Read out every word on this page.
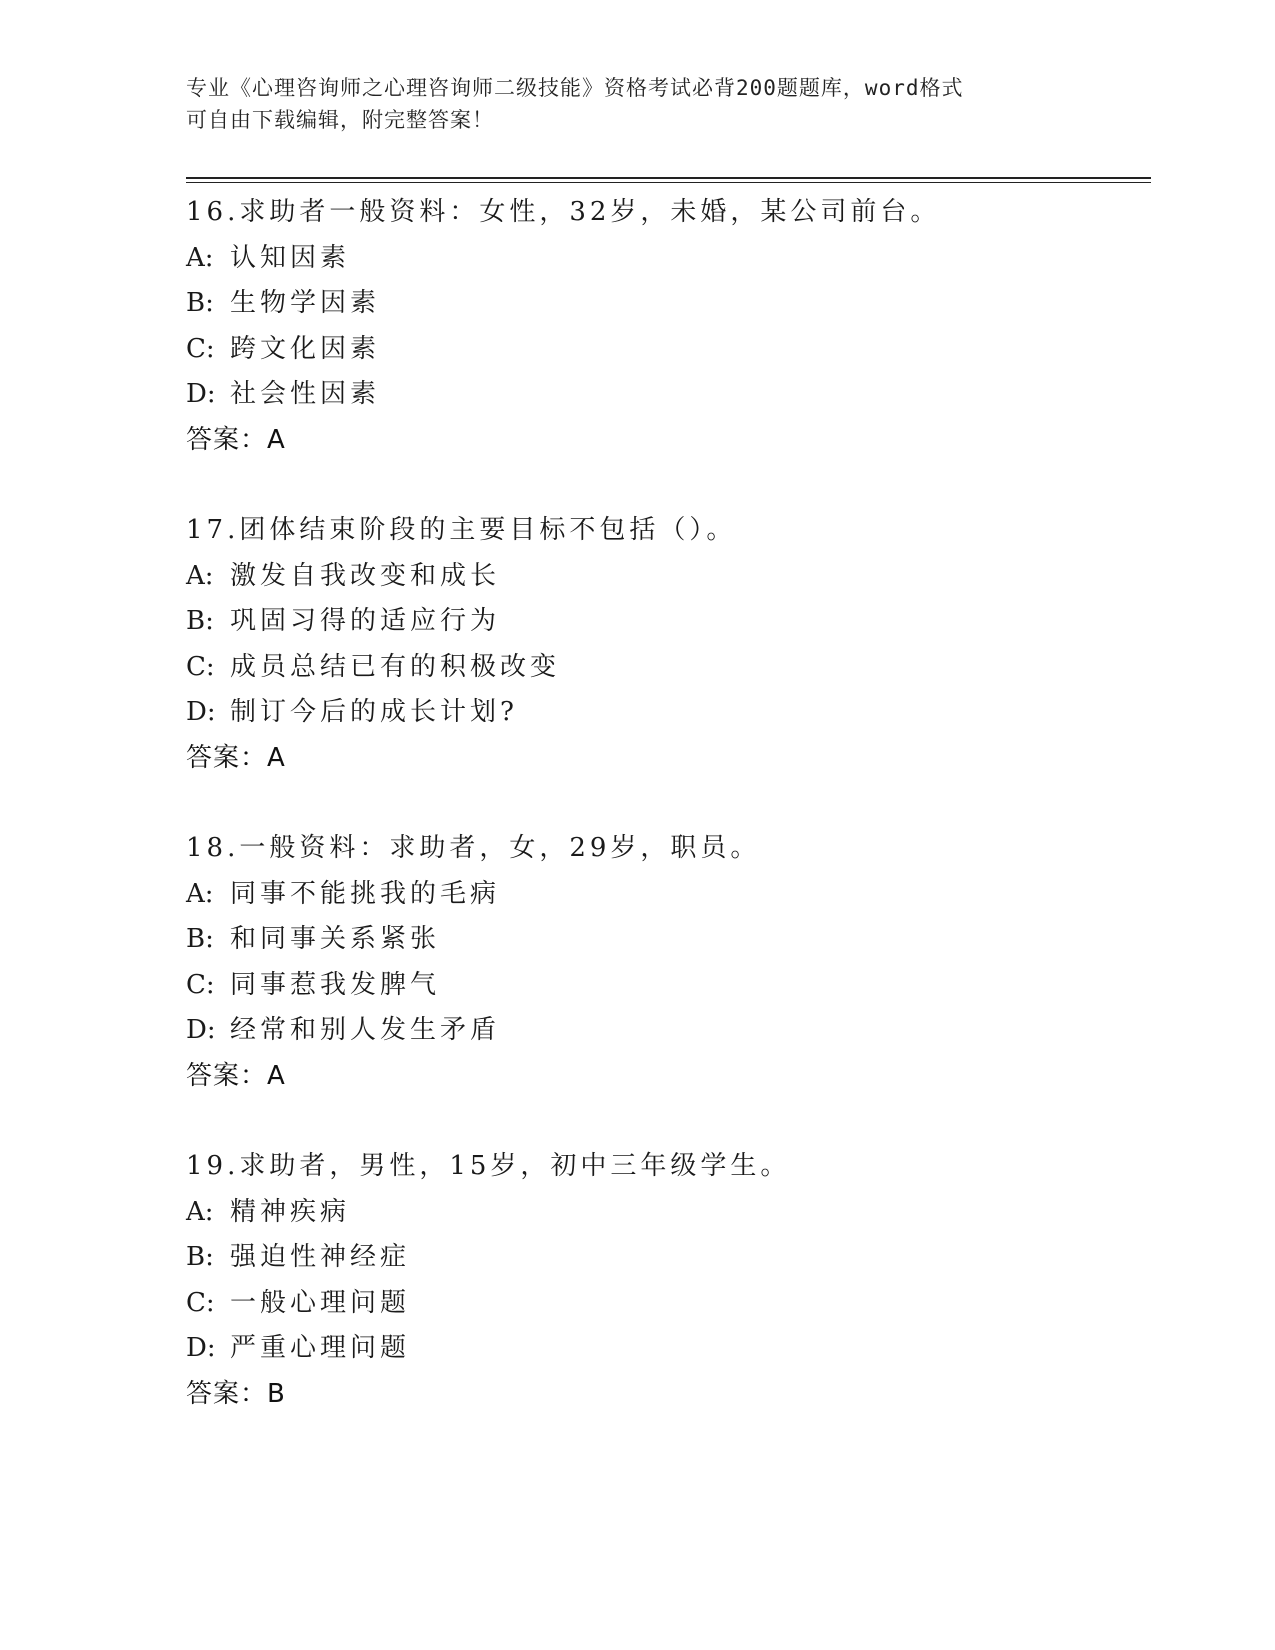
专业《心理咨询师之心理咨询师二级技能》资格考试必背200题题库，word格式
可自由下载编辑，附完整答案！
16.求助者一般资料：女性，32岁，未婚，某公司前台。
A: 认知因素
B: 生物学因素
C: 跨文化因素
D: 社会性因素
答案：A
17.团体结束阶段的主要目标不包括（）。
A: 激发自我改变和成长
B: 巩固习得的适应行为
C: 成员总结已有的积极改变
D: 制订今后的成长计划?
答案：A
18.一般资料：求助者，女，29岁，职员。
A: 同事不能挑我的毛病
B: 和同事关系紧张
C: 同事惹我发脾气
D: 经常和别人发生矛盾
答案：A
19.求助者，男性，15岁，初中三年级学生。
A: 精神疾病
B: 强迫性神经症
C: 一般心理问题
D: 严重心理问题
答案：B
